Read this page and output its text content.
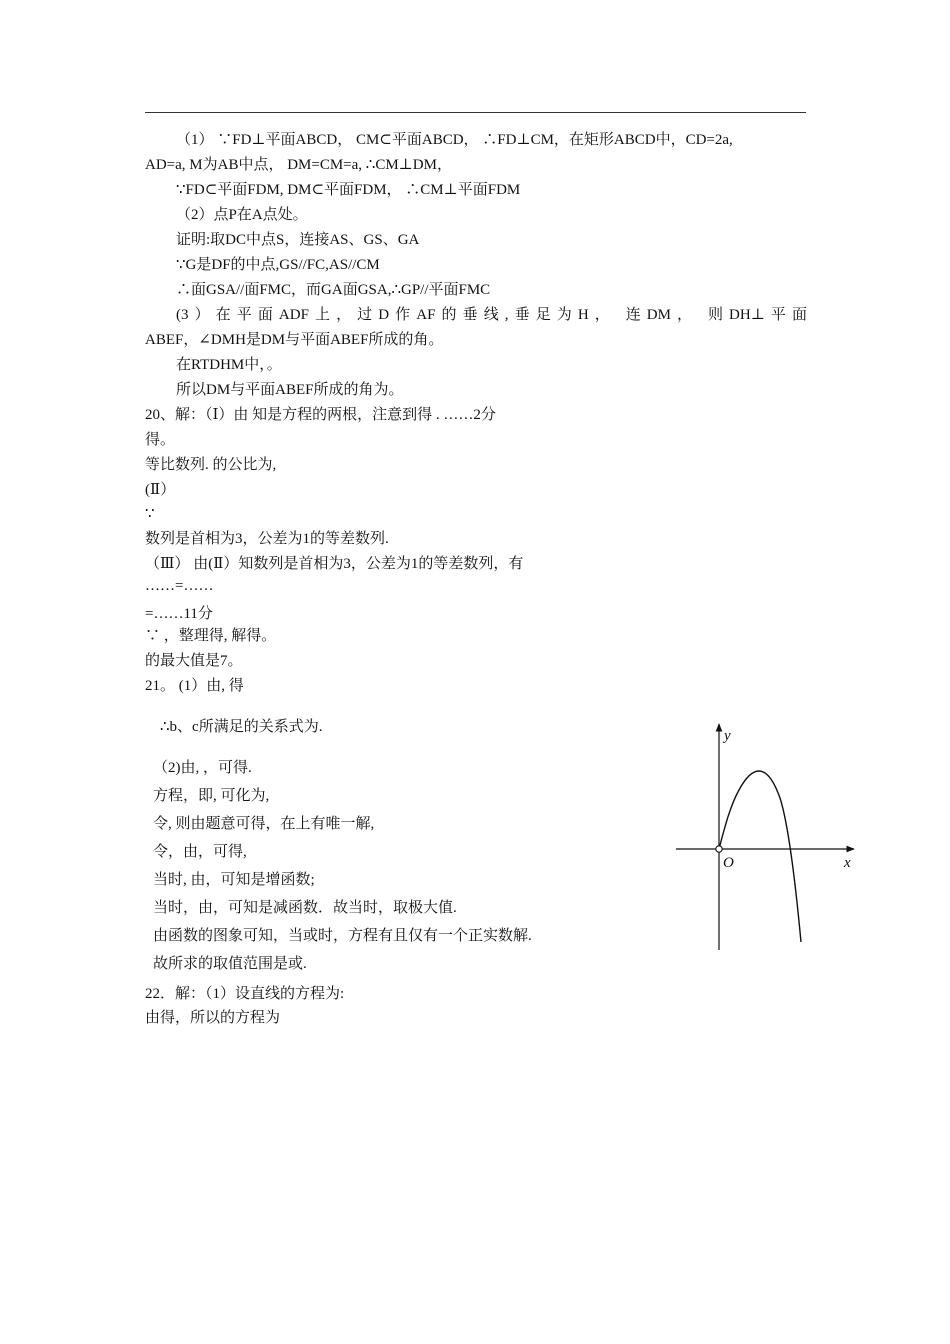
（1） ∵FD⊥平面ABCD， CM⊂平面ABCD， ∴FD⊥CM，在矩形ABCD中，CD=2a,
AD=a, M为AB中点， DM=CM=a, ∴CM⊥DM，
∵FD⊂平面FDM, DM⊂平面FDM， ∴CM⊥平面FDM
（2）点P在A点处。
证明:取DC中点S，连接AS、GS、GA
∵G是DF的中点,GS//FC,AS//CM
∴面GSA//面FMC，而GA面GSA,∴GP//平面FMC
(3）在平面ADF上，过D作AF的垂线,垂足为H， 连DM， 则DH⊥平面
ABEF，∠DMH是DM与平面ABEF所成的角。
在RTDHM中，。
所以DM与平面ABEF所成的角为。
20、解：（Ⅰ）由 知是方程的两根，注意到得 . ……2分
得。
等比数列. 的公比为,
(Ⅱ）
∵
数列是首相为3，公差为1的等差数列.
（Ⅲ） 由(Ⅱ）知数列是首相为3，公差为1的等差数列，有
……=……
=……11分
∵ ，整理得, 解得。
的最大值是7。
21。 (1）由, 得
∴b、c所满足的关系式为.
（2)由, ，可得.
方程，即, 可化为,
令, 则由题意可得，在上有唯一解,
令，由，可得,
当时, 由，可知是增函数;
当时，由，可知是减函数．故当时，取极大值.
由函数的图象可知，当或时，方程有且仅有一个正实数解.
故所求的取值范围是或.
22．解：（1）设直线的方程为:
由得，所以的方程为
y
x
O
